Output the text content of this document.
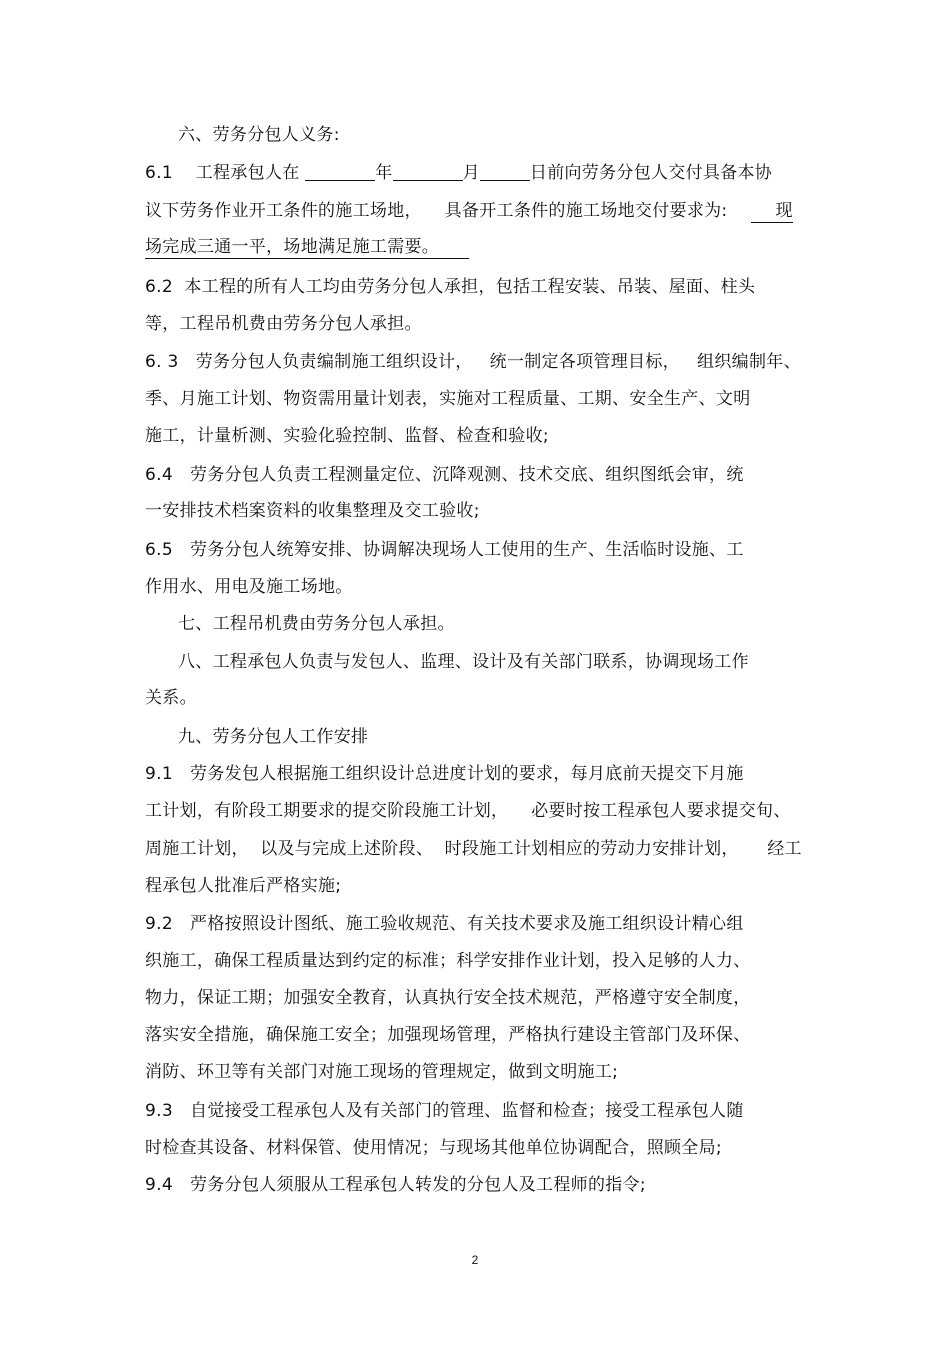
六、劳务分包人义务:
6.1    工程承包人在	年	月	日前向劳务分包人交付具备本协
议下劳务作业开工条件的施工场地，    具备开工条件的施工场地交付要求为:	现
场完成三通一平，场地满足施工需要。
6.2  本工程的所有人工均由劳务分包人承担，包括工程安装、吊装、屋面、柱头
等，工程吊机费由劳务分包人承担。
6. 3   劳务分包人负责编制施工组织设计，   统一制定各项管理目标，   组织编制年、
季、月施工计划、物资需用量计划表，实施对工程质量、工期、安全生产、文明
施工，计量析测、实验化验控制、监督、检查和验收;
6.4   劳务分包人负责工程测量定位、沉降观测、技术交底、组织图纸会审，统
一安排技术档案资料的收集整理及交工验收;
6.5   劳务分包人统筹安排、协调解决现场人工使用的生产、生活临时设施、工
作用水、用电及施工场地。
七、工程吊机费由劳务分包人承担。
八、工程承包人负责与发包人、监理、设计及有关部门联系，协调现场工作
关系。
九、劳务分包人工作安排
9.1   劳务发包人根据施工组织设计总进度计划的要求，每月底前天提交下月施
工计划，有阶段工期要求的提交阶段施工计划，    必要时按工程承包人要求提交旬、
周施工计划，  以及与完成上述阶段、  时段施工计划相应的劳动力安排计划，     经工
程承包人批准后严格实施;
9.2   严格按照设计图纸、施工验收规范、有关技术要求及施工组织设计精心组
织施工，确保工程质量达到约定的标准；科学安排作业计划，投入足够的人力、
物力，保证工期；加强安全教育，认真执行安全技术规范，严格遵守安全制度，
落实安全措施，确保施工安全；加强现场管理，严格执行建设主管部门及环保、
消防、环卫等有关部门对施工现场的管理规定，做到文明施工;
9.3   自觉接受工程承包人及有关部门的管理、监督和检查；接受工程承包人随
时检查其设备、材料保管、使用情况；与现场其他单位协调配合，照顾全局;
9.4   劳务分包人须服从工程承包人转发的分包人及工程师的指令;
2
